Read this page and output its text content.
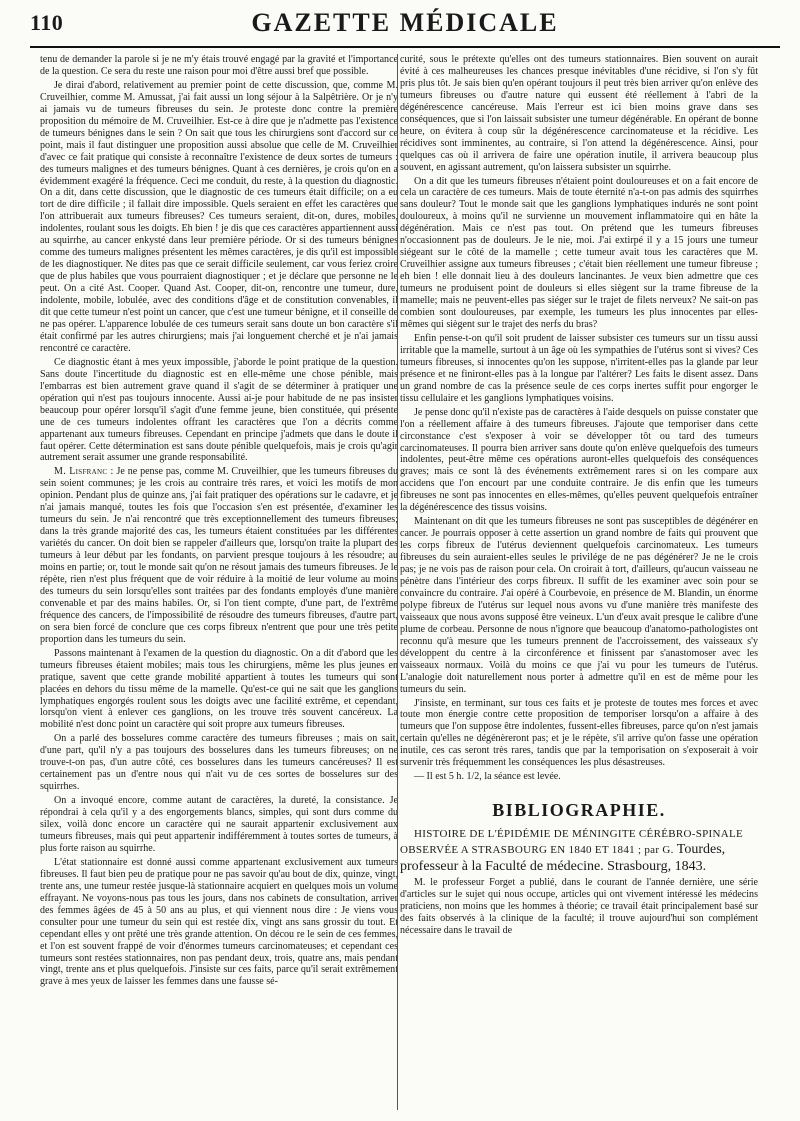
110	GAZETTE MÉDICALE

tenu de demander la parole si je ne m'y étais trouvé engagé par la gravité et l'importance de la question. Ce sera du reste une raison pour moi d'être aussi bref que possible.

Je dirai d'abord, relativement au premier point de cette discussion, que, comme M. Cruveilhier, comme M. Amussat, j'ai fait aussi un long séjour à la Salpêtrière. Or je n'y ai jamais vu de tumeurs fibreuses du sein. Je proteste donc contre la première proposition du mémoire de M. Cruveilhier. Est-ce à dire que je n'admette pas l'existence de tumeurs bénignes dans le sein ? On sait que tous les chirurgiens sont d'accord sur ce point, mais il faut distinguer une proposition aussi absolue que celle de M. Cruveilhier d'avec ce fait pratique qui consiste à reconnaître l'existence de deux sortes de tumeurs : des tumeurs malignes et des tumeurs bénignes. Quant à ces dernières, je crois qu'on en a évidemment exagéré la fréquence. Ceci me conduit, du reste, à la question du diagnostic. On a dit, dans cette discussion, que le diagnostic de ces tumeurs était difficile; on a eu tort de dire difficile ; il fallait dire impossible. Quels seraient en effet les caractères que l'on attribuerait aux tumeurs fibreuses? Ces tumeurs seraient, dit-on, dures, mobiles, indolentes, roulant sous les doigts. Eh bien ! je dis que ces caractères appartiennent aussi au squirrhe, au cancer enkysté dans leur première période. Or si des tumeurs bénignes comme des tumeurs malignes présentent les mêmes caractères, je dis qu'il est impossible de les diagnostiquer. Ne dites pas que ce serait difficile seulement, car vous feriez croire que de plus habiles que vous pourraient diagnostiquer ; et je déclare que personne ne le peut. On a cité Ast. Cooper. Quand Ast. Cooper, dit-on, rencontre une tumeur, dure, indolente, mobile, lobulée, avec des conditions d'âge et de constitution convenables, il dit que cette tumeur n'est point un cancer, que c'est une tumeur bénigne, et il conseille de ne pas opérer. L'apparence lobulée de ces tumeurs serait sans doute un bon caractère s'il était confirmé par les autres chirurgiens; mais j'ai longuement cherché et je n'ai jamais rencontré ce caractère.

Ce diagnostic étant à mes yeux impossible, j'aborde le point pratique de la question. Sans doute l'incertitude du diagnostic est en elle-même une chose pénible, mais l'embarras est bien autrement grave quand il s'agit de se déterminer à pratiquer une opération qui n'est pas toujours innocente. Aussi ai-je pour habitude de ne pas insister beaucoup pour opérer lorsqu'il s'agit d'une femme jeune, bien constituée, qui présente une de ces tumeurs indolentes offrant les caractères que l'on a décrits comme appartenant aux tumeurs fibreuses. Cependant en principe j'admets que dans le doute il faut opérer. Cette détermination est sans doute pénible quelquefois, mais je crois qu'agir autrement serait assumer une grande responsabilité.

M. Lisfranc : Je ne pense pas, comme M. Cruveilhier, que les tumeurs fibreuses du sein soient communes; je les crois au contraire très rares, et voici les motifs de mon opinion. Pendant plus de quinze ans, j'ai fait pratiquer des opérations sur le cadavre, et je n'ai jamais manqué, toutes les fois que l'occasion s'en est présentée, d'examiner les tumeurs du sein. Je n'ai rencontré que très exceptionnellement des tumeurs fibreuses; dans la très grande majorité des cas, les tumeurs étaient constituées par les différentes variétés du cancer. On doit bien se rappeler d'ailleurs que, lorsqu'on traite la plupart des tumeurs à leur début par les fondants, on parvient presque toujours à les résoudre; au moins en partie; or, tout le monde sait qu'on ne résout jamais des tumeurs fibreuses. Je le répète, rien n'est plus fréquent que de voir réduire à la moitié de leur volume au moins des tumeurs du sein lorsqu'elles sont traitées par des fondants employés d'une manière convenable et par des mains habiles. Or, si l'on tient compte, d'une part, de l'extrême fréquence des cancers, de l'impossibilité de résoudre des tumeurs fibreuses, d'autre part, on sera bien forcé de conclure que ces corps fibreux n'entrent que pour une très petite proportion dans les tumeurs du sein.

Passons maintenant à l'examen de la question du diagnostic. On a dit d'abord que les tumeurs fibreuses étaient mobiles; mais tous les chirurgiens, même les plus jeunes en pratique, savent que cette grande mobilité appartient à toutes les tumeurs qui sont placées en dehors du tissu même de la mamelle. Qu'est-ce qui ne sait que les ganglions lymphatiques engorgés roulent sous les doigts avec une facilité extrême, et cependant, lorsqu'on vient à enlever ces ganglions, on les trouve très souvent cancéreux. La mobilité n'est donc point un caractère qui soit propre aux tumeurs fibreuses.

On a parlé des bosselures comme caractère des tumeurs fibreuses ; mais on sait, d'une part, qu'il n'y a pas toujours des bosselures dans les tumeurs fibreuses; on ne trouve-t-on pas, d'un autre côté, ces bosselures dans les tumeurs cancéreuses? Il est certainement pas un d'entre nous qui n'ait vu de ces sortes de bosselures sur des squirrhes.

On a invoqué encore, comme autant de caractères, la dureté, la consistance. Je répondrai à cela qu'il y a des engorgements blancs, simples, qui sont durs comme du silex, voilà donc encore un caractère qui ne saurait appartenir exclusivement aux tumeurs fibreuses, mais qui peut appartenir indifféremment à toutes sortes de tumeurs, à plus forte raison au squirrhe.

L'état stationnaire est donné aussi comme appartenant exclusivement aux tumeurs fibreuses. Il faut bien peu de pratique pour ne pas savoir qu'au bout de dix, quinze, vingt, trente ans, une tumeur restée jusque-là stationnaire acquiert en quelques mois un volume effrayant. Ne voyons-nous pas tous les jours, dans nos cabinets de consultation, arriver des femmes âgées de 45 à 50 ans au plus, et qui viennent nous dire : Je viens vous consulter pour une tumeur du sein qui est restée dix, vingt ans sans grossir du tout. Et cependant elles y ont prêté une très grande attention. On décou re le sein de ces femmes, et l'on est souvent frappé de voir d'énormes tumeurs carcinomateuses; et cependant ces tumeurs sont restées stationnaires, non pas pendant deux, trois, quatre ans, mais pendant vingt, trente ans et plus quelquefois. J'insiste sur ces faits, parce qu'il serait extrêmement grave à mes yeux de laisser les femmes dans une fausse sé-

curité, sous le prétexte qu'elles ont des tumeurs stationnaires. Bien souvent on aurait évité à ces malheureuses les chances presque inévitables d'une récidive, si l'on s'y fût pris plus tôt. Je sais bien qu'en opérant toujours il peut très bien arriver qu'on enlève des tumeurs fibreuses ou d'autre nature qui eussent été réellement à l'abri de la dégénérescence cancéreuse. Mais l'erreur est ici bien moins grave dans ses conséquences, que si l'on laissait subsister une tumeur dégénérable. En opérant de bonne heure, on évitera à coup sûr la dégénérescence carcinomateuse et la récidive. Les récidives sont imminentes, au contraire, si l'on attend la dégénérescence. Ainsi, pour quelques cas où il arrivera de faire une opération inutile, il arrivera beaucoup plus souvent, en agissant autrement, qu'on laissera subsister un squirrhe.

On a dit que les tumeurs fibreuses n'étaient point douloureuses et on a fait encore de cela un caractère de ces tumeurs. Mais de toute éternité n'a-t-on pas admis des squirrhes sans douleur? Tout le monde sait que les ganglions lymphatiques indurés ne sont point douloureux, à moins qu'il ne survienne un mouvement inflammatoire qui en hâte la dégénération. Mais ce n'est pas tout. On prétend que les tumeurs fibreuses n'occasionnent pas de douleurs. Je le nie, moi. J'ai extirpé il y a 15 jours une tumeur siégeant sur le côté de la mamelle ; cette tumeur avait tous les caractères que M. Cruveilhier assigne aux tumeurs fibreuses ; c'était bien réellement une tumeur fibreuse ; eh bien ! elle donnait lieu à des douleurs lancinantes. Je veux bien admettre que ces tumeurs ne produisent point de douleurs si elles siègent sur la trame fibreuse de la mamelle; mais ne peuvent-elles pas siéger sur le trajet de filets nerveux? Ne sait-on pas combien sont douloureuses, par exemple, les tumeurs les plus innocentes par elles-mêmes qui siègent sur le trajet des nerfs du bras?

Enfin pense-t-on qu'il soit prudent de laisser subsister ces tumeurs sur un tissu aussi irritable que la mamelle, surtout à un âge où les sympathies de l'utérus sont si vives? Ces tumeurs fibreuses, si innocentes qu'on les suppose, n'irritent-elles pas la glande par leur présence et ne finiront-elles pas à la longue par l'altérer? Les faits le disent assez. Dans un grand nombre de cas la présence seule de ces corps inertes suffit pour engorger le tissu cellulaire et les ganglions lymphatiques voisins.

Je pense donc qu'il n'existe pas de caractères à l'aide desquels on puisse constater que l'on a réellement affaire à des tumeurs fibreuses. J'ajoute que temporiser dans cette circonstance c'est s'exposer à voir se développer tôt ou tard des tumeurs carcinomateuses. Il pourra bien arriver sans doute qu'on enlève quelquefois des tumeurs indolentes, peut-être même ces opérations auront-elles quelquefois des conséquences graves; mais ce sont là des événements extrêmement rares si on les compare aux accidens que l'on encourt par une conduite contraire. Je dis enfin que les tumeurs fibreuses ne sont pas innocentes en elles-mêmes, qu'elles peuvent quelquefois entraîner la dégénérescence des tissus voisins.

Maintenant on dit que les tumeurs fibreuses ne sont pas susceptibles de dégénérer en cancer. Je pourrais opposer à cette assertion un grand nombre de faits qui prouvent que les corps fibreux de l'utérus deviennent quelquefois carcinomateux. Les tumeurs fibreuses du sein auraient-elles seules le privilége de ne pas dégénérer? Je ne le crois pas; je ne vois pas de raison pour cela. On croirait à tort, d'ailleurs, qu'aucun vaisseau ne pénètre dans l'intérieur des corps fibreux. Il suffit de les examiner avec soin pour se convaincre du contraire. J'ai opéré à Courbevoie, en présence de M. Blandin, un énorme polype fibreux de l'utérus sur lequel nous avons vu d'une manière très manifeste des vaisseaux que nous avons supposé être veineux. L'un d'eux avait presque le calibre d'une plume de corbeau. Personne de nous n'ignore que beaucoup d'anatomo-pathologistes ont reconnu qu'à mesure que les tumeurs prennent de l'accroissement, des vaisseaux s'y développent du centre à la circonférence et finissent par s'anastomoser avec les vaisseaux normaux. Voilà du moins ce que j'ai vu pour les tumeurs de l'utérus. L'analogie doit naturellement nous porter à admettre qu'il en est de même pour les tumeurs du sein.

J'insiste, en terminant, sur tous ces faits et je proteste de toutes mes forces et avec toute mon énergie contre cette proposition de temporiser lorsqu'on a affaire à des tumeurs que l'on suppose être indolentes, fussent-elles fibreuses, parce qu'on n'est jamais certain qu'elles ne dégénèreront pas; et je le répète, s'il arrive qu'on fasse une opération inutile, ces cas seront très rares, tandis que par la temporisation on s'exposerait à voir survenir très fréquemment les conséquences les plus désastreuses.

— Il est 5 h. 1/2, la séance est levée.

BIBLIOGRAPHIE.

HISTOIRE DE L'ÉPIDÉMIE DE MÉNINGITE CÉRÉBRO-SPINALE OBSERVÉE A STRASBOURG EN 1840 ET 1841 ; par G. Tourdes, professeur à la Faculté de médecine. Strasbourg, 1843.

M. le professeur Forget a publié, dans le courant de l'année dernière, une série d'articles sur le sujet qui nous occupe, articles qui ont vivement intéressé les médecins praticiens, non moins que les hommes à théorie; ce travail était principalement basé sur des faits observés à la clinique de la faculté; il trouve aujourd'hui son complément nécessaire dans le travail de
